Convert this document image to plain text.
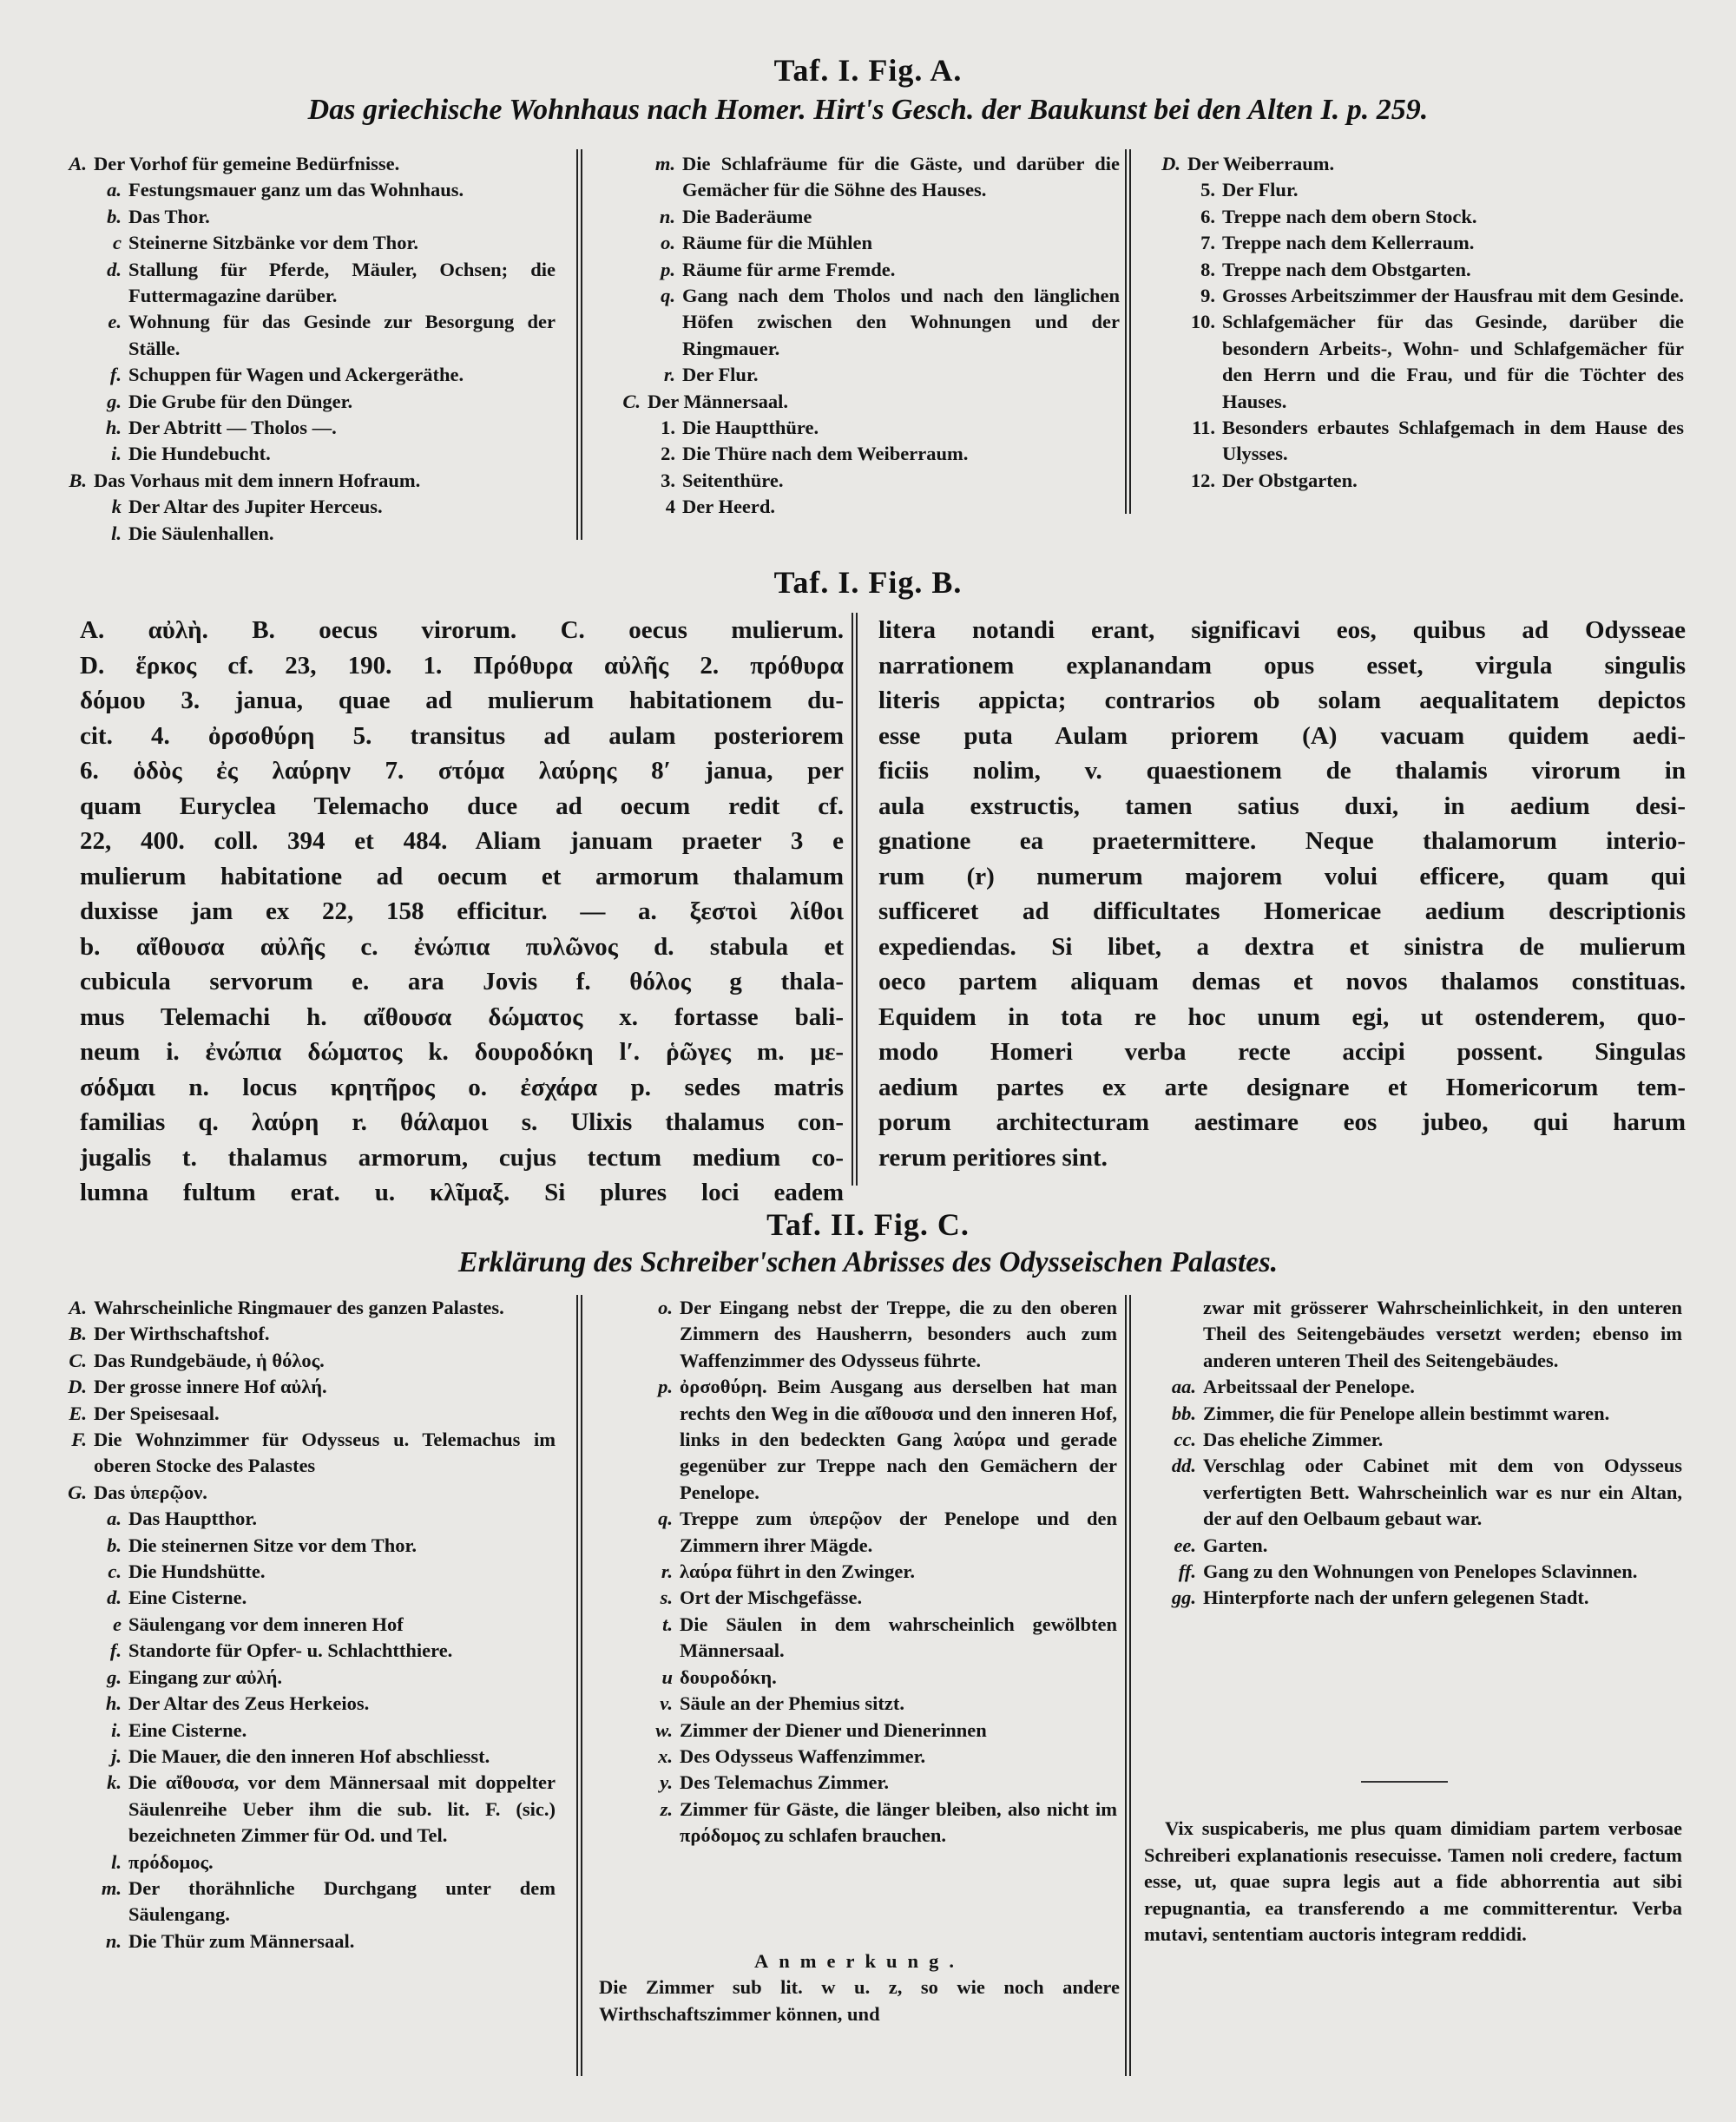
Taf. I. Fig. A.
Das griechische Wohnhaus nach Homer. Hirt's Gesch. der Baukunst bei den Alten I. p. 259.
A. Der Vorhof für gemeine Bedürfnisse.
a. Festungsmauer ganz um das Wohnhaus.
b. Das Thor.
c Steinerne Sitzbänke vor dem Thor.
d. Stallung für Pferde, Mäuler, Ochsen; die Futtermagazine darüber.
e. Wohnung für das Gesinde zur Besorgung der Ställe.
f. Schuppen für Wagen und Ackergeräthe.
g. Die Grube für den Dünger.
h. Der Abtritt — Tholos —.
i. Die Hundebucht.
B. Das Vorhaus mit dem innern Hofraum.
k Der Altar des Jupiter Herceus.
l. Die Säulenhallen.
m. Die Schlafräume für die Gäste, und darüber die Gemächer für die Söhne des Hauses.
n. Die Baderäume
o. Räume für die Mühlen
p. Räume für arme Fremde.
q. Gang nach dem Tholos und nach den länglichen Höfen zwischen den Wohnungen und der Ringmauer.
r. Der Flur.
C. Der Männersaal.
1. Die Hauptthüre.
2. Die Thüre nach dem Weiberraum.
3. Seitenthüre.
4 Der Heerd.
D. Der Weiberraum.
5. Der Flur.
6. Treppe nach dem obern Stock.
7. Treppe nach dem Kellerraum.
8. Treppe nach dem Obstgarten.
9. Grosses Arbeitszimmer der Hausfrau mit dem Gesinde.
10. Schlafgemächer für das Gesinde, darüber die besondern Arbeits-, Wohn- und Schlafgemächer für den Herrn und die Frau, und für die Töchter des Hauses.
11. Besonders erbautes Schlafgemach in dem Hause des Ulysses.
12. Der Obstgarten.
Taf. I. Fig. B.
A. αὐλὴ. B. oecus virorum. C. oecus mulierum.
D. ἕρκος cf. 23, 190. 1. Πρόθυρα αὐλῆς 2. πρόθυρα
δόμου 3. janua, quae ad mulierum habitationem du-
cit. 4. ὀρσοθύρη 5. transitus ad aulam posteriorem
6. ὁδὸς ἐς λαύρην 7. στόμα λαύρης 8′ janua, per
quam Euryclea Telemacho duce ad oecum redit cf.
22, 400. coll. 394 et 484. Aliam januam praeter 3 e
mulierum habitatione ad oecum et armorum thalamum
duxisse jam ex 22, 158 efficitur. — a. ξεστοὶ λίθοι
b. αἴθουσα αὐλῆς c. ἐνώπια πυλῶνος d. stabula et
cubicula servorum e. ara Jovis f. θόλος g thala-
mus Telemachi h. αἴθουσα δώματος x. fortasse bali-
neum i. ἐνώπια δώματος k. δουροδόκη l′. ῥῶγες m. με-
σόδμαι n. locus κρητῆρος o. ἐσχάρα p. sedes matris
familias q. λαύρη r. θάλαμοι s. Ulixis thalamus con-
jugalis t. thalamus armorum, cujus tectum medium co-
lumna fultum erat. u. κλῖμαξ. Si plures loci eadem
litera notandi erant, significavi eos, quibus ad Odysseae
narrationem explanandam opus esset, virgula singulis
literis appicta; contrarios ob solam aequalitatem depictos
esse puta Aulam priorem (A) vacuam quidem aedi-
ficiis nolim, v. quaestionem de thalamis virorum in
aula exstructis, tamen satius duxi, in aedium desi-
gnatione ea praetermittere. Neque thalamorum interio-
rum (r) numerum majorem volui efficere, quam qui
sufficeret ad difficultates Homericae aedium descriptionis
expediendas. Si libet, a dextra et sinistra de mulierum
oeco partem aliquam demas et novos thalamos constituas.
Equidem in tota re hoc unum egi, ut ostenderem, quo-
modo Homeri verba recte accipi possent. Singulas
aedium partes ex arte designare et Homericorum tem-
porum architecturam aestimare eos jubeo, qui harum
rerum peritiores sint.
Taf. II. Fig. C.
Erklärung des Schreiber'schen Abrisses des Odysseischen Palastes.
A. Wahrscheinliche Ringmauer des ganzen Palastes.
B. Der Wirthschaftshof.
C. Das Rundgebäude, ἡ θόλος.
D. Der grosse innere Hof αὐλή.
E. Der Speisesaal.
F. Die Wohnzimmer für Odysseus u. Telemachus im oberen Stocke des Palastes
G. Das ὑπερῷον.
a. Das Hauptthor.
b. Die steinernen Sitze vor dem Thor.
c. Die Hundshütte.
d. Eine Cisterne.
e Säulengang vor dem inneren Hof
f. Standorte für Opfer- u. Schlachtthiere.
g. Eingang zur αὐλή.
h. Der Altar des Zeus Herkeios.
i. Eine Cisterne.
j. Die Mauer, die den inneren Hof abschliesst.
k. Die αἴθουσα, vor dem Männersaal mit doppelter Säulenreihe Ueber ihm die sub. lit. F. (sic.) bezeichneten Zimmer für Od. und Tel.
l. πρόδομος.
m. Der thorähnliche Durchgang unter dem Säulengang.
n. Die Thür zum Männersaal.
o. Der Eingang nebst der Treppe, die zu den oberen Zimmern des Hausherrn, besonders auch zum Waffenzimmer des Odysseus führte.
p. ὀρσοθύρη. Beim Ausgang aus derselben hat man rechts den Weg in die αἴθουσα und den inneren Hof, links in den bedeckten Gang λαύρα und gerade gegenüber zur Treppe nach den Gemächern der Penelope.
q. Treppe zum ὑπερῷον der Penelope und den Zimmern ihrer Mägde.
r. λαύρα führt in den Zwinger.
s. Ort der Mischgefässe.
t. Die Säulen in dem wahrscheinlich gewölbten Männersaal.
u δουροδόκη.
v. Säule an der Phemius sitzt.
w. Zimmer der Diener und Dienerinnen
x. Des Odysseus Waffenzimmer.
y. Des Telemachus Zimmer.
z. Zimmer für Gäste, die länger bleiben, also nicht im πρόδομος zu schlafen brauchen.
zwar mit grösserer Wahrscheinlichkeit, in den unteren Theil des Seitengebäudes versetzt werden; ebenso im anderen unteren Theil des Seitengebäudes.
aa. Arbeitssaal der Penelope.
bb. Zimmer, die für Penelope allein bestimmt waren.
cc. Das eheliche Zimmer.
dd. Verschlag oder Cabinet mit dem von Odysseus verfertigten Bett. Wahrscheinlich war es nur ein Altan, der auf den Oelbaum gebaut war.
ee. Garten.
ff. Gang zu den Wohnungen von Penelopes Sclavinnen.
gg. Hinterpforte nach der unfern gelegenen Stadt.
Anmerkung.
Die Zimmer sub lit. w u. z, so wie noch andere Wirthschaftszimmer können, und
Vix suspicaberis, me plus quam dimidiam partem verbosae Schreiberi explanationis resecuisse. Tamen noli credere, factum esse, ut, quae supra legis aut a fide abhorrentia aut sibi repugnantia, ea transferendo a me committerentur. Verba mutavi, sententiam auctoris integram reddidi.
